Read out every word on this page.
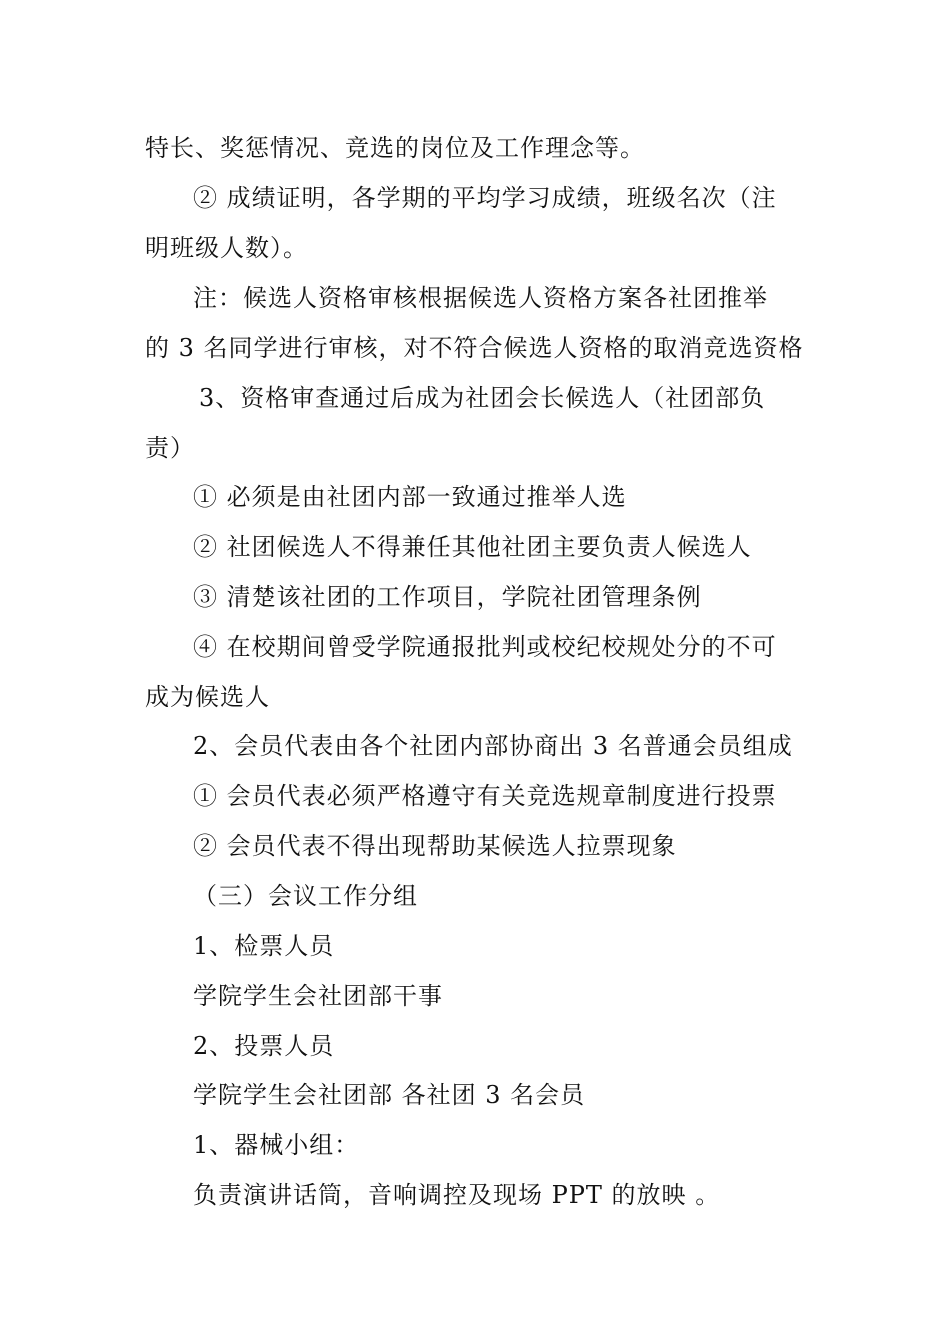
特长、奖惩情况、竞选的岗位及工作理念等。
② 成绩证明，各学期的平均学习成绩，班级名次（注
明班级人数）。
注：候选人资格审核根据候选人资格方案各社团推举
的 3 名同学进行审核，对不符合候选人资格的取消竞选资格
3、资格审查通过后成为社团会长候选人（社团部负
责）
① 必须是由社团内部一致通过推举人选
② 社团候选人不得兼任其他社团主要负责人候选人
③ 清楚该社团的工作项目，学院社团管理条例
④ 在校期间曾受学院通报批判或校纪校规处分的不可
成为候选人
2、会员代表由各个社团内部协商出 3 名普通会员组成
① 会员代表必须严格遵守有关竞选规章制度进行投票
② 会员代表不得出现帮助某候选人拉票现象
（三）会议工作分组
1、检票人员
学院学生会社团部干事
2、投票人员
学院学生会社团部 各社团 3 名会员
1、器械小组：
负责演讲话筒，音响调控及现场 PPT 的放映 。
